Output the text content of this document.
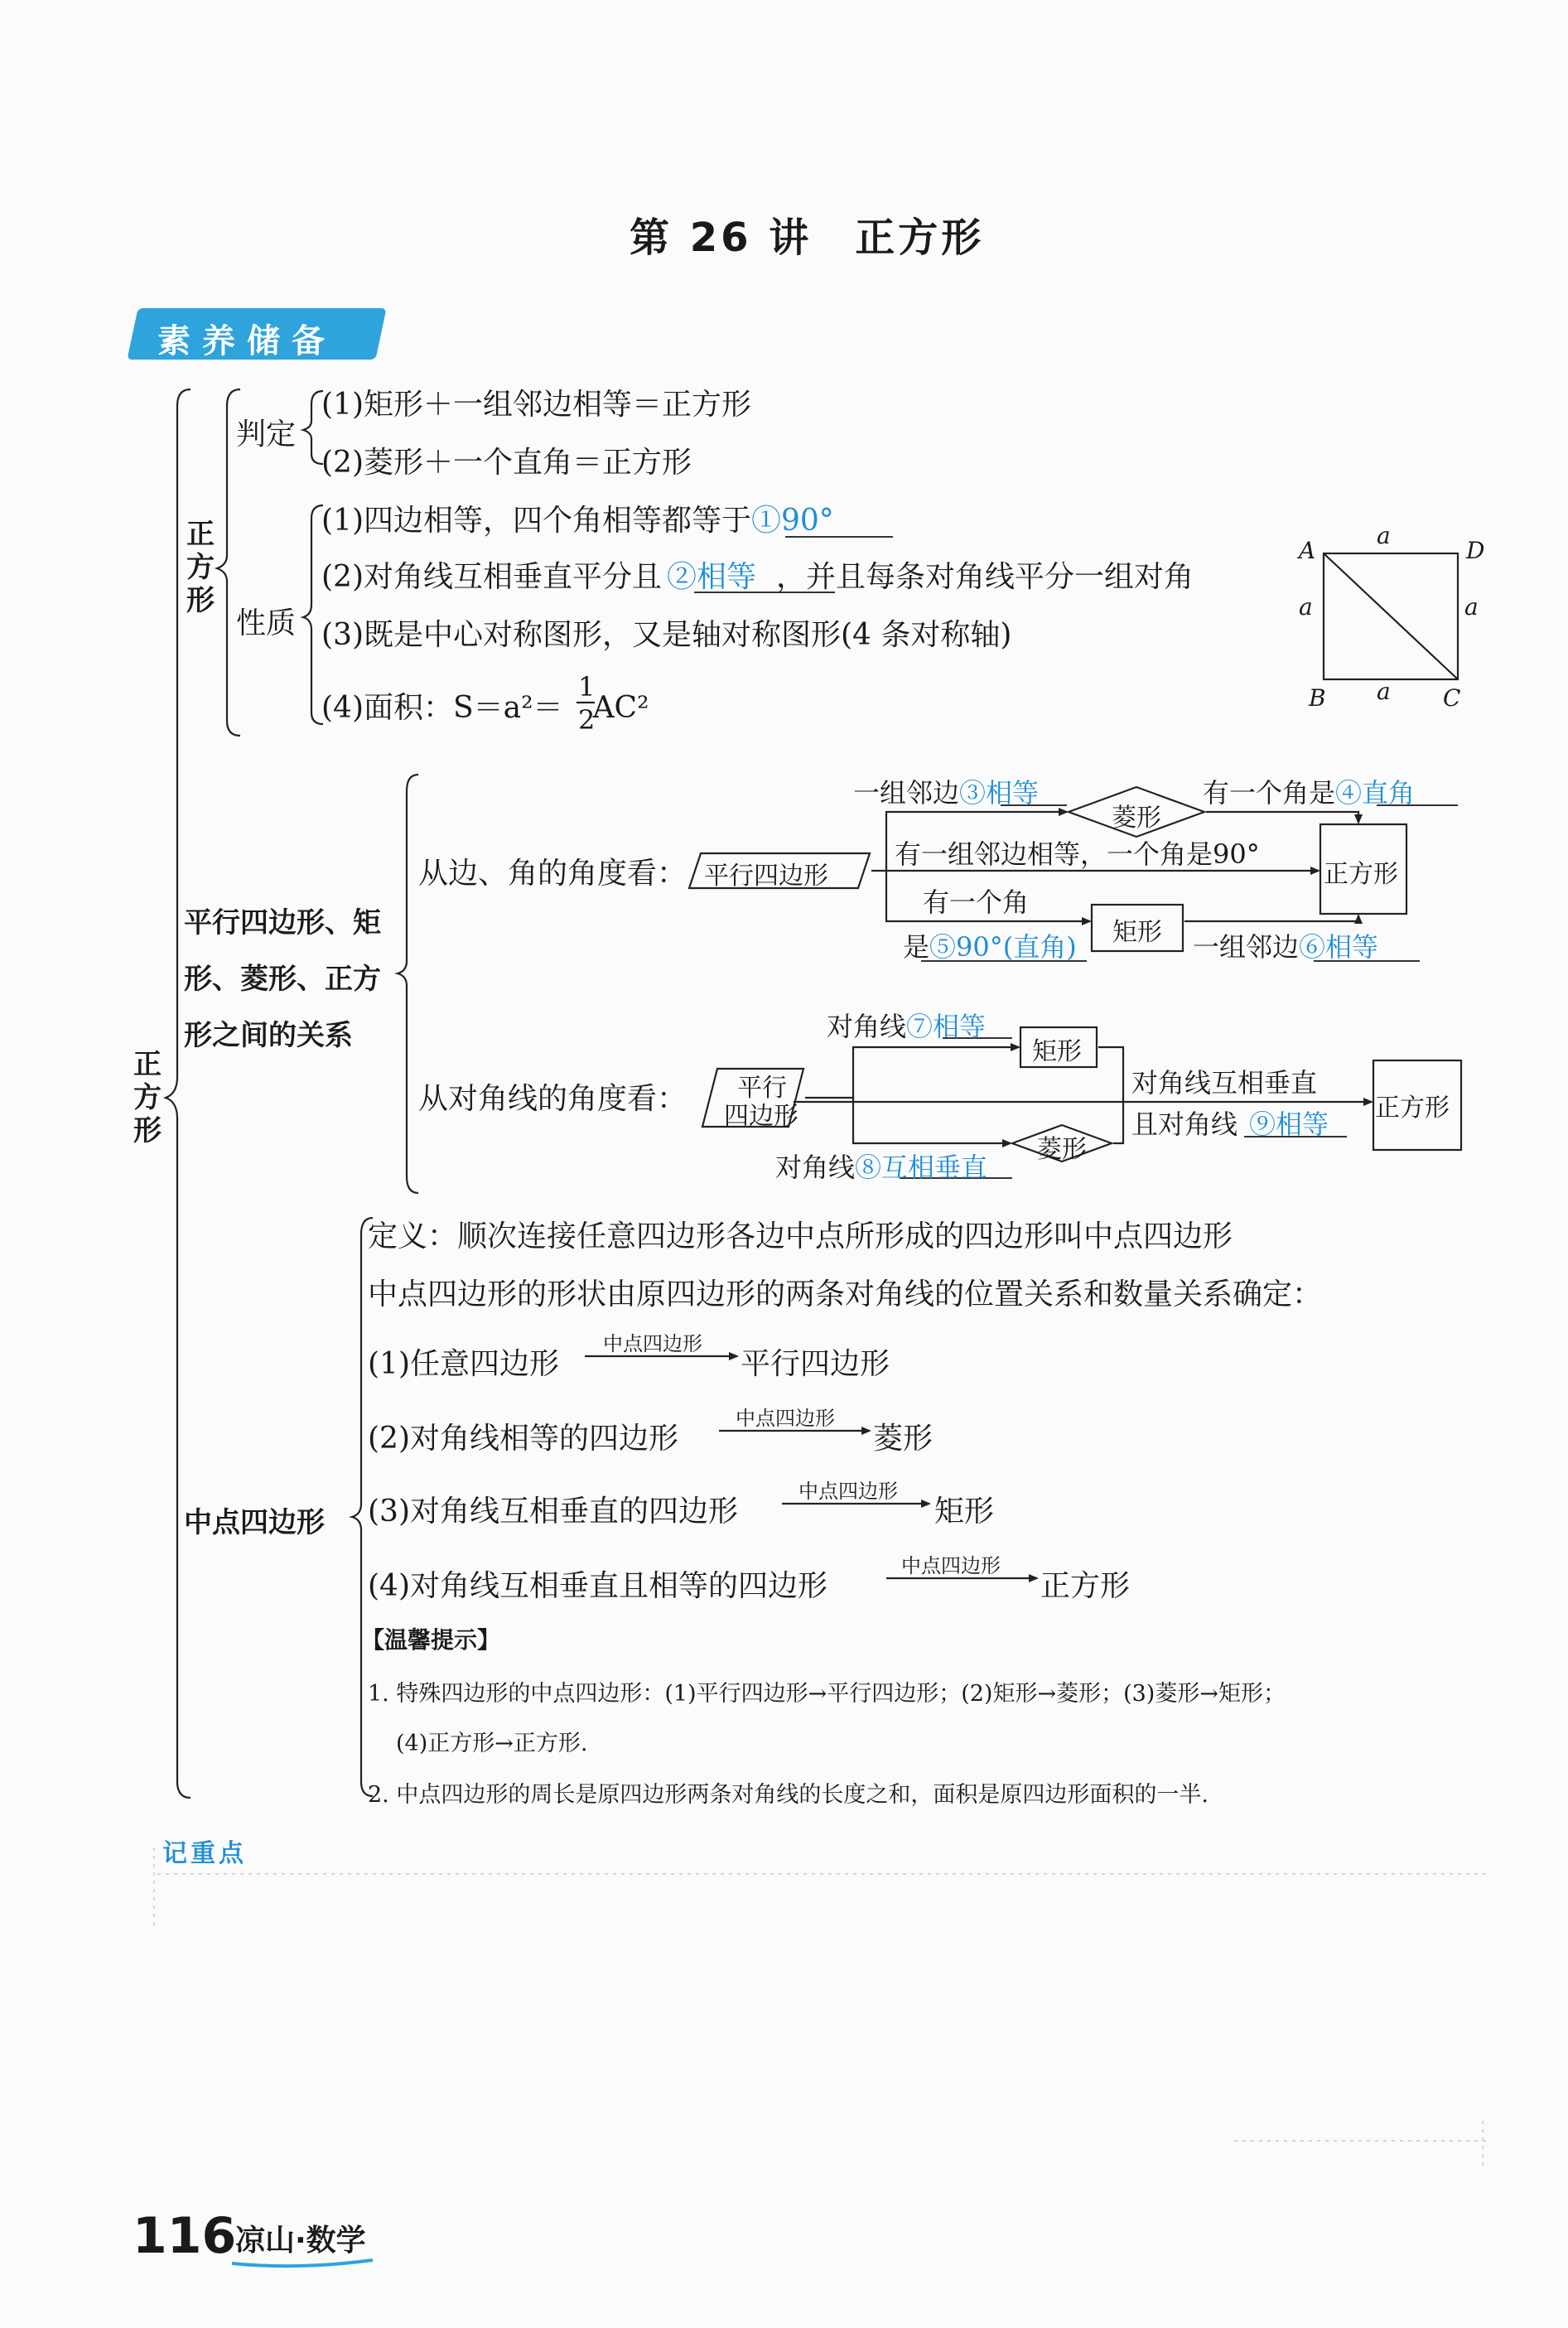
第 26 讲　正方形
素养储备
正方形
正方形
判定
(1)矩形＋一组邻边相等＝正方形
(2)菱形＋一个直角＝正方形
性质
(1)四边相等，四个角相等都等于①90°
(2)对角线互相垂直平分且 ②相等 ，并且每条对角线平分一组对角
(3)既是中心对称图形，又是轴对称图形(4 条对称轴)
(4)面积：S＝a²＝ AC²
1
2
A	D
B	C
a
a	a
a
平行四边形、矩形、菱形、正方形之间的关系
从边、角的角度看： 平行四边形
菱形
矩形
正方形
一组邻边③相等	有一个角是④直角
有一组邻边相等，一个角是90°
有一个角
是⑤90°(直角)	一组邻边⑥相等
从对角线的角度看： 平行
四边形
矩形
菱形
正方形
对角线⑦相等
对角线⑧互相垂直
对角线互相垂直
且对角线 ⑨相等
中点四边形
定义：顺次连接任意四边形各边中点所形成的四边形叫中点四边形
中点四边形的形状由原四边形的两条对角线的位置关系和数量关系确定：
(1)任意四边形
中点四边形
平行四边形
(2)对角线相等的四边形
中点四边形
菱形
(3)对角线互相垂直的四边形
中点四边形
矩形
(4)对角线互相垂直且相等的四边形
中点四边形
正方形
【温馨提示】
1. 特殊四边形的中点四边形：(1)平行四边形→平行四边形；(2)矩形→菱形；(3)菱形→矩形；
(4)正方形→正方形.
2. 中点四边形的周长是原四边形两条对角线的长度之和，面积是原四边形面积的一半.
记重点
116
凉山·数学
